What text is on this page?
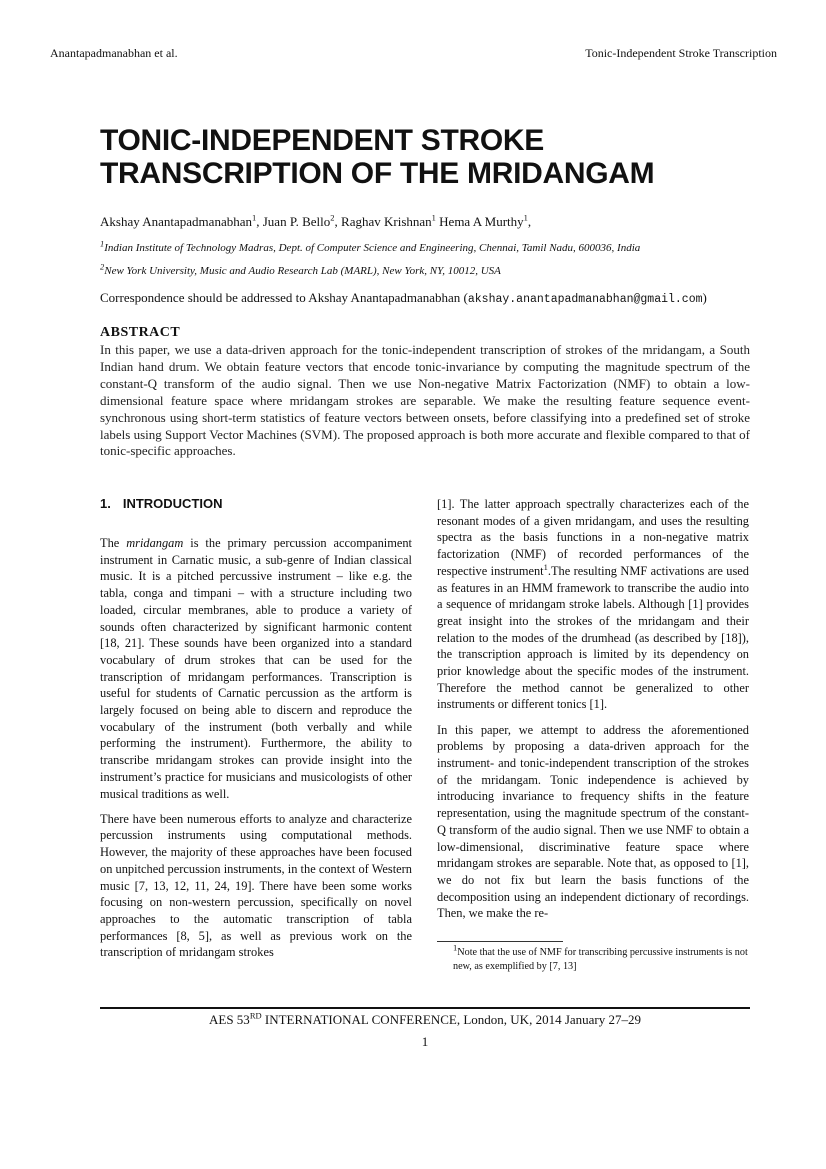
Anantapadmanabhan et al.	Tonic-Independent Stroke Transcription
TONIC-INDEPENDENT STROKE
TRANSCRIPTION OF THE MRIDANGAM
Akshay Anantapadmanabhan$^1$, Juan P. Bello$^2$, Raghav Krishnan$^1$ Hema A Murthy$^1$,
$^1$Indian Institute of Technology Madras, Dept. of Computer Science and Engineering, Chennai, Tamil Nadu, 600036, India
$^2$New York University, Music and Audio Research Lab (MARL), New York, NY, 10012, USA
Correspondence should be addressed to Akshay Anantapadmanabhan (akshay.anantapadmanabhan@gmail.com)
ABSTRACT
In this paper, we use a data-driven approach for the tonic-independent transcription of strokes of the mridangam, a South Indian hand drum. We obtain feature vectors that encode tonic-invariance by computing the magnitude spectrum of the constant-Q transform of the audio signal. Then we use Non-negative Matrix Factorization (NMF) to obtain a low-dimensional feature space where mridangam strokes are separable. We make the resulting feature sequence event-synchronous using short-term statistics of feature vectors between onsets, before classifying into a predefined set of stroke labels using Support Vector Machines (SVM). The proposed approach is both more accurate and flexible compared to that of tonic-specific approaches.
1. INTRODUCTION

The mridangam is the primary percussion accompaniment instrument in Carnatic music, a sub-genre of Indian classical music. It is a pitched percussive instrument – like e.g. the tabla, conga and timpani – with a structure including two loaded, circular membranes, able to produce a variety of sounds often characterized by significant harmonic content [18, 21]. These sounds have been organized into a standard vocabulary of drum strokes that can be used for the transcription of mridangam performances. Transcription is useful for students of Carnatic percussion as the artform is largely focused on being able to discern and reproduce the vocabulary of the instrument (both verbally and while performing the instrument). Furthermore, the ability to transcribe mridangam strokes can provide insight into the instrument’s practice for musicians and musicologists of other musical traditions as well.

There have been numerous efforts to analyze and characterize percussion instruments using computational methods. However, the majority of these approaches have been focused on unpitched percussion instruments, in the context of Western music [7, 13, 12, 11, 24, 19]. There have been some works focusing on non-western percussion, specifically on novel approaches to the automatic transcription of tabla performances [8, 5], as well as previous work on the transcription of mridangam strokes

[1]. The latter approach spectrally characterizes each of the resonant modes of a given mridangam, and uses the resulting spectra as the basis functions in a non-negative matrix factorization (NMF) of recorded performances of the respective instrument$^1$.The resulting NMF activations are used as features in an HMM framework to transcribe the audio into a sequence of mridangam stroke labels. Although [1] provides great insight into the strokes of the mridangam and their relation to the modes of the drumhead (as described by [18]), the transcription approach is limited by its dependency on prior knowledge about the specific modes of the instrument. Therefore the method cannot be generalized to other instruments or different tonics [1].

In this paper, we attempt to address the aforementioned problems by proposing a data-driven approach for the instrument- and tonic-independent transcription of the strokes of the mridangam. Tonic independence is achieved by introducing invariance to frequency shifts in the feature representation, using the magnitude spectrum of the constant-Q transform of the audio signal. Then we use NMF to obtain a low-dimensional, discriminative feature space where mridangam strokes are separable. Note that, as opposed to [1], we do not fix but learn the basis functions of the decomposition using an independent dictionary of recordings. Then, we make the re-

$^1$Note that the use of NMF for transcribing percussive instruments is not new, as exemplified by [7, 13]
AES 53RD INTERNATIONAL CONFERENCE, London, UK, 2014 January 27–29
1
